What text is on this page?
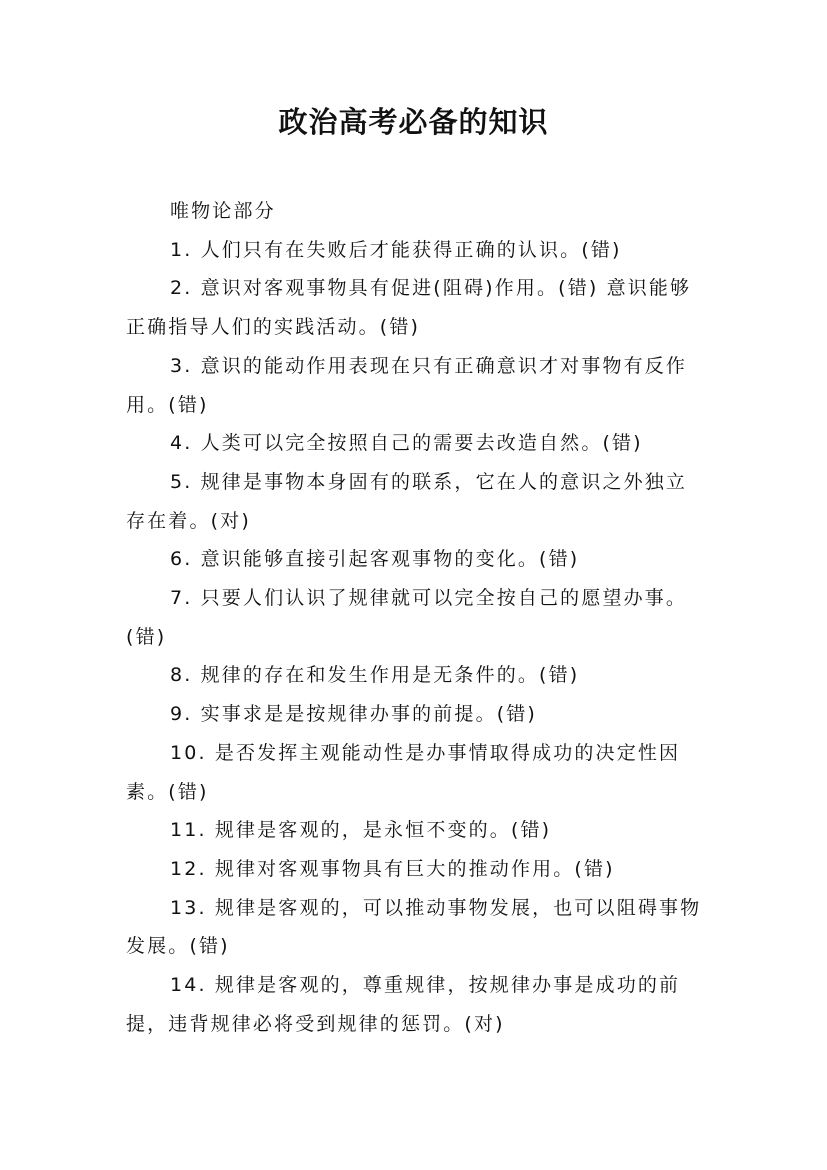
政治高考必备的知识

唯物论部分

1. 人们只有在失败后才能获得正确的认识。(错)

2. 意识对客观事物具有促进(阻碍)作用。(错) 意识能够正确指导人们的实践活动。(错)

3. 意识的能动作用表现在只有正确意识才对事物有反作用。(错)

4. 人类可以完全按照自己的需要去改造自然。(错)

5. 规律是事物本身固有的联系，它在人的意识之外独立存在着。(对)

6. 意识能够直接引起客观事物的变化。(错)

7. 只要人们认识了规律就可以完全按自己的愿望办事。(错)

8. 规律的存在和发生作用是无条件的。(错)

9. 实事求是是按规律办事的前提。(错)

10. 是否发挥主观能动性是办事情取得成功的决定性因素。(错)

11. 规律是客观的，是永恒不变的。(错)

12. 规律对客观事物具有巨大的推动作用。(错)

13. 规律是客观的，可以推动事物发展，也可以阻碍事物发展。(错)

14. 规律是客观的，尊重规律，按规律办事是成功的前提，违背规律必将受到规律的惩罚。(对)
